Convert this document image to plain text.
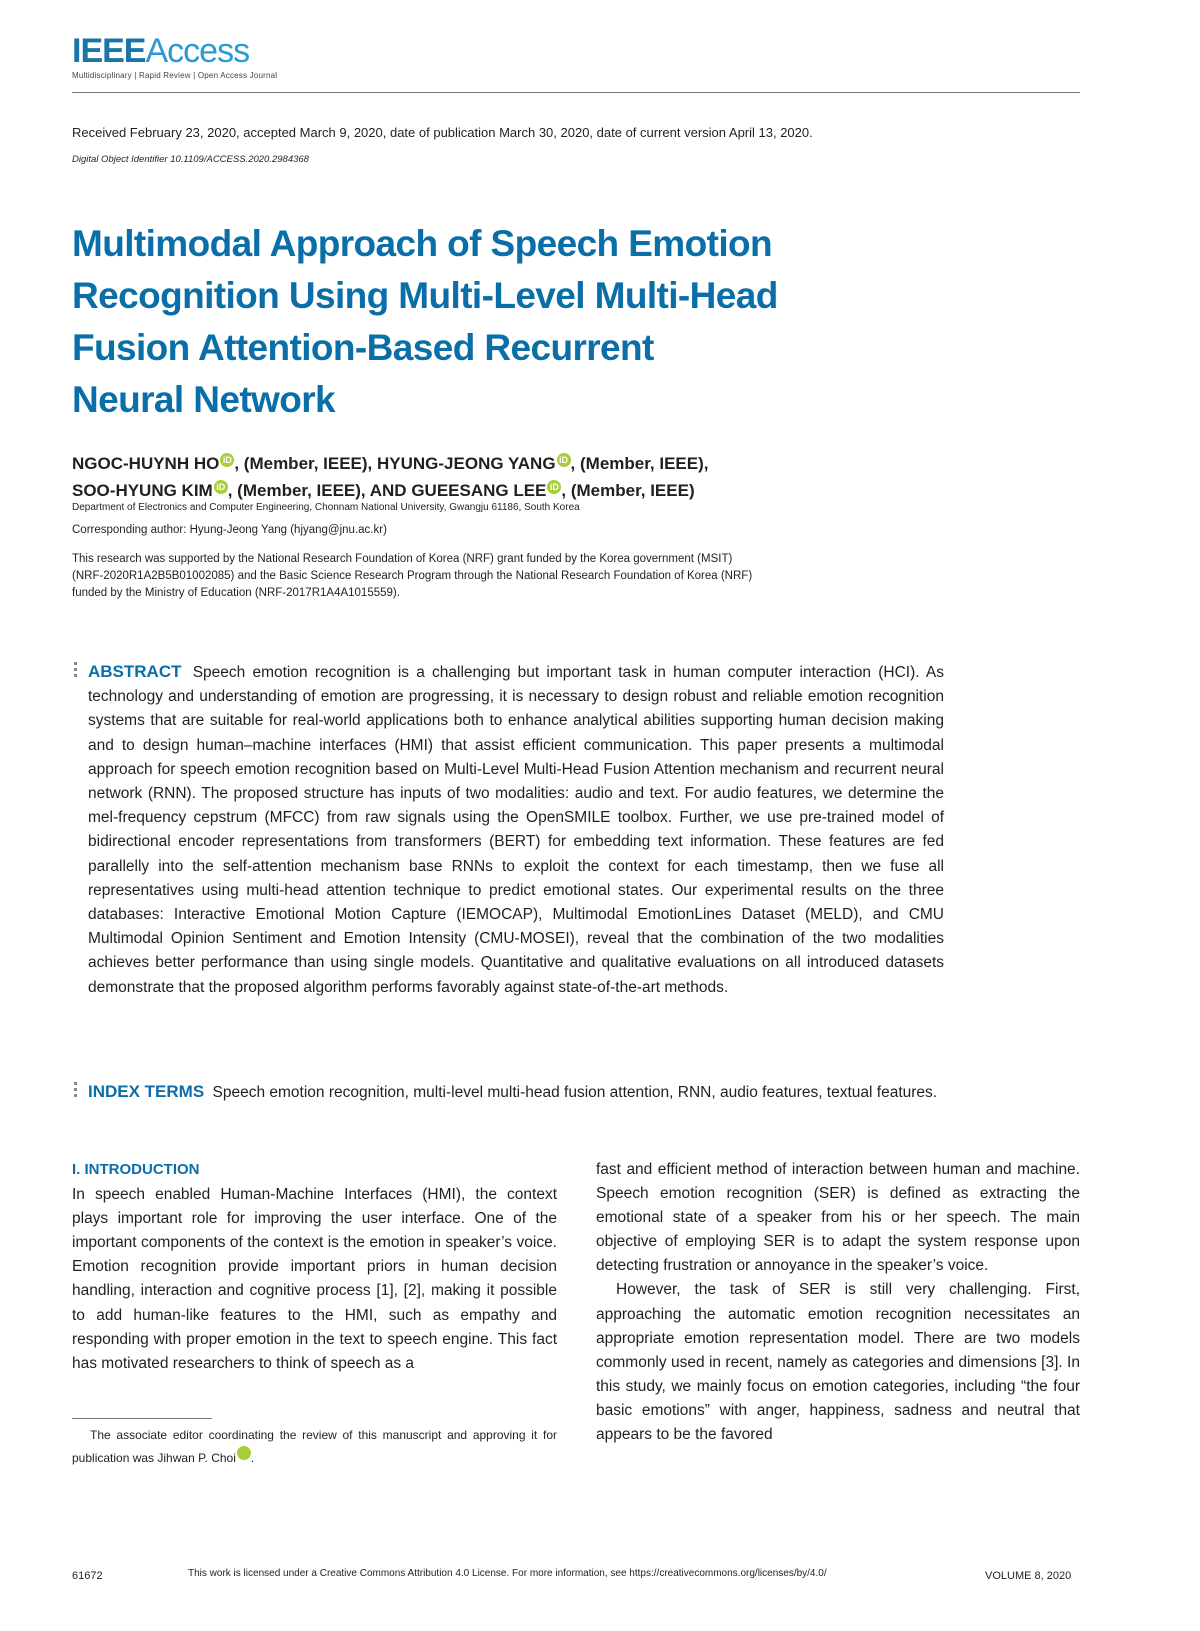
IEEEAccess
Multidisciplinary | Rapid Review | Open Access Journal
Received February 23, 2020, accepted March 9, 2020, date of publication March 30, 2020, date of current version April 13, 2020.
Digital Object Identifier 10.1109/ACCESS.2020.2984368
Multimodal Approach of Speech Emotion
Recognition Using Multi-Level Multi-Head
Fusion Attention-Based Recurrent
Neural Network
NGOC-HUYNH HO iD , (Member, IEEE), HYUNG-JEONG YANG iD , (Member, IEEE),
SOO-HYUNG KIM iD , (Member, IEEE), AND GUEESANG LEE iD , (Member, IEEE)
Department of Electronics and Computer Engineering, Chonnam National University, Gwangju 61186, South Korea
Corresponding author: Hyung-Jeong Yang (hjyang@jnu.ac.kr)
This research was supported by the National Research Foundation of Korea (NRF) grant funded by the Korea government (MSIT)
(NRF-2020R1A2B5B01002085) and the Basic Science Research Program through the National Research Foundation of Korea (NRF)
funded by the Ministry of Education (NRF-2017R1A4A1015559).
ABSTRACT Speech emotion recognition is a challenging but important task in human computer interaction (HCI). As technology and understanding of emotion are progressing, it is necessary to design robust and reliable emotion recognition systems that are suitable for real-world applications both to enhance analytical abilities supporting human decision making and to design human–machine interfaces (HMI) that assist efficient communication. This paper presents a multimodal approach for speech emotion recognition based on Multi-Level Multi-Head Fusion Attention mechanism and recurrent neural network (RNN). The proposed structure has inputs of two modalities: audio and text. For audio features, we determine the mel-frequency cepstrum (MFCC) from raw signals using the OpenSMILE toolbox. Further, we use pre-trained model of bidirectional encoder representations from transformers (BERT) for embedding text information. These features are fed parallelly into the self-attention mechanism base RNNs to exploit the context for each timestamp, then we fuse all representatives using multi-head attention technique to predict emotional states. Our experimental results on the three databases: Interactive Emotional Motion Capture (IEMOCAP), Multimodal EmotionLines Dataset (MELD), and CMU Multimodal Opinion Sentiment and Emotion Intensity (CMU-MOSEI), reveal that the combination of the two modalities achieves better performance than using single models. Quantitative and qualitative evaluations on all introduced datasets demonstrate that the proposed algorithm performs favorably against state-of-the-art methods.
INDEX TERMS Speech emotion recognition, multi-level multi-head fusion attention, RNN, audio features, textual features.
I. INTRODUCTION

In speech enabled Human-Machine Interfaces (HMI), the context plays important role for improving the user interface. One of the important components of the context is the emotion in speaker’s voice. Emotion recognition provide important priors in human decision handling, interaction and cognitive process [1], [2], making it possible to add human-like features to the HMI, such as empathy and responding with proper emotion in the text to speech engine. This fact has motivated researchers to think of speech as a

fast and efficient method of interaction between human and machine. Speech emotion recognition (SER) is defined as extracting the emotional state of a speaker from his or her speech. The main objective of employing SER is to adapt the system response upon detecting frustration or annoyance in the speaker’s voice.

However, the task of SER is still very challenging. First, approaching the automatic emotion recognition necessitates an appropriate emotion representation model. There are two models commonly used in recent, namely as categories and dimensions [3]. In this study, we mainly focus on emotion categories, including “the four basic emotions” with anger, happiness, sadness and neutral that appears to be the favored

The associate editor coordinating the review of this manuscript and approving it for publication was Jihwan P. Choi iD.
61672	This work is licensed under a Creative Commons Attribution 4.0 License. For more information, see https://creativecommons.org/licenses/by/4.0/	VOLUME 8, 2020
